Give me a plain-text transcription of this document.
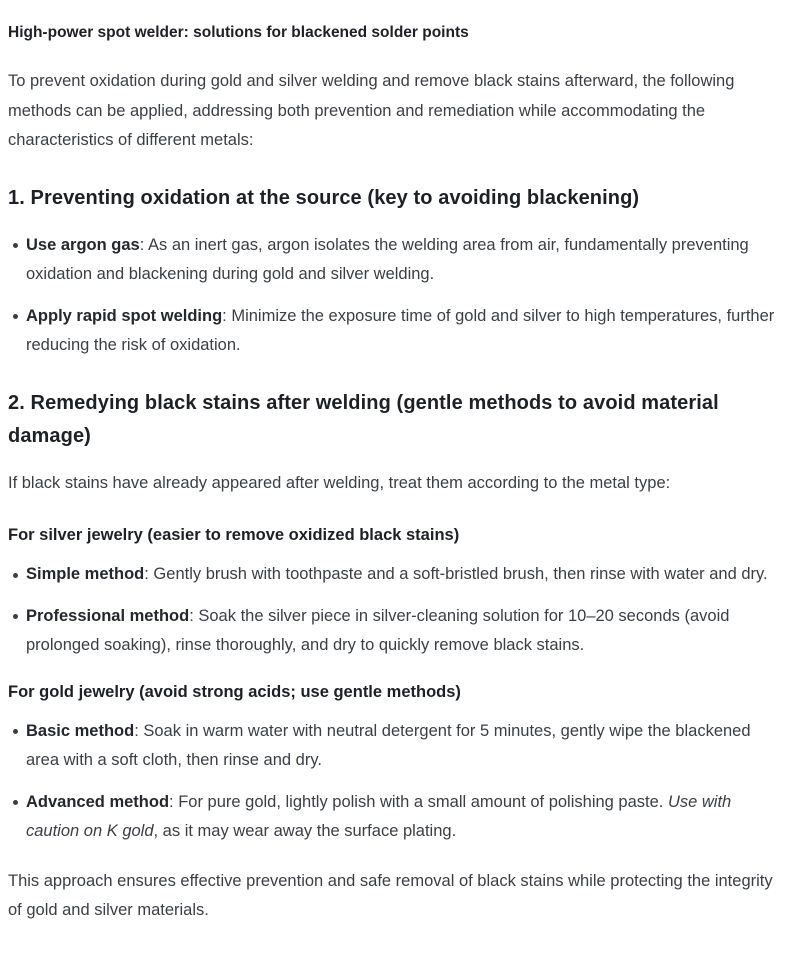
High-power spot welder: solutions for blackened solder points

To prevent oxidation during gold and silver welding and remove black stains afterward, the following methods can be applied, addressing both prevention and remediation while accommodating the characteristics of different metals:

1. Preventing oxidation at the source (key to avoiding blackening)
Use argon gas: As an inert gas, argon isolates the welding area from air, fundamentally preventing oxidation and blackening during gold and silver welding.
Apply rapid spot welding: Minimize the exposure time of gold and silver to high temperatures, further reducing the risk of oxidation.
2. Remedying black stains after welding (gentle methods to avoid material damage)

If black stains have already appeared after welding, treat them according to the metal type:

For silver jewelry (easier to remove oxidized black stains)
Simple method: Gently brush with toothpaste and a soft-bristled brush, then rinse with water and dry.
Professional method: Soak the silver piece in silver-cleaning solution for 10–20 seconds (avoid prolonged soaking), rinse thoroughly, and dry to quickly remove black stains.
For gold jewelry (avoid strong acids; use gentle methods)
Basic method: Soak in warm water with neutral detergent for 5 minutes, gently wipe the blackened area with a soft cloth, then rinse and dry.
Advanced method: For pure gold, lightly polish with a small amount of polishing paste. Use with caution on K gold, as it may wear away the surface plating.

This approach ensures effective prevention and safe removal of black stains while protecting the integrity of gold and silver materials.
